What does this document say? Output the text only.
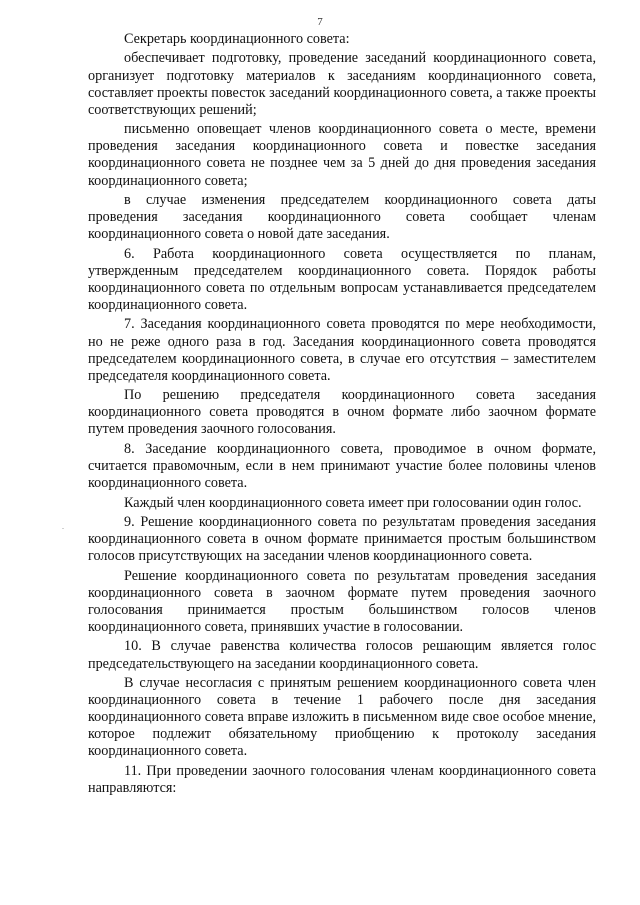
7
.

Секретарь координационного совета:

обеспечивает подготовку, проведение заседаний координационного совета, организует подготовку материалов к заседаниям координационного совета, составляет проекты повесток заседаний координационного совета, а также проекты соответствующих решений;

письменно оповещает членов координационного совета о месте, времени проведения заседания координационного совета и повестке заседания координационного совета не позднее чем за 5 дней до дня проведения заседания координационного совета;

в случае изменения председателем координационного совета даты проведения заседания координационного совета сообщает членам координационного совета о новой дате заседания.

6. Работа координационного совета осуществляется по планам, утвержденным председателем координационного совета. Порядок работы координационного совета по отдельным вопросам устанавливается председателем координационного совета.

7. Заседания координационного совета проводятся по мере необходимости, но не реже одного раза в год. Заседания координационного совета проводятся председателем координационного совета, в случае его отсутствия – заместителем председателя координационного совета.

По решению председателя координационного совета заседания координационного совета проводятся в очном формате либо заочном формате путем проведения заочного голосования.

8. Заседание координационного совета, проводимое в очном формате, считается правомочным, если в нем принимают участие более половины членов координационного совета.

Каждый член координационного совета имеет при голосовании один голос.

9. Решение координационного совета по результатам проведения заседания координационного совета в очном формате принимается простым большинством голосов присутствующих на заседании членов координационного совета.

Решение координационного совета по результатам проведения заседания координационного совета в заочном формате путем проведения заочного голосования принимается простым большинством голосов членов координационного совета, принявших участие в голосовании.

10. В случае равенства количества голосов решающим является голос председательствующего на заседании координационного совета.

В случае несогласия с принятым решением координационного совета член координационного совета в течение 1 рабочего после дня заседания координационного совета вправе изложить в письменном виде свое особое мнение, которое подлежит обязательному приобщению к протоколу заседания координационного совета.

11. При проведении заочного голосования членам координационного совета направляются:
